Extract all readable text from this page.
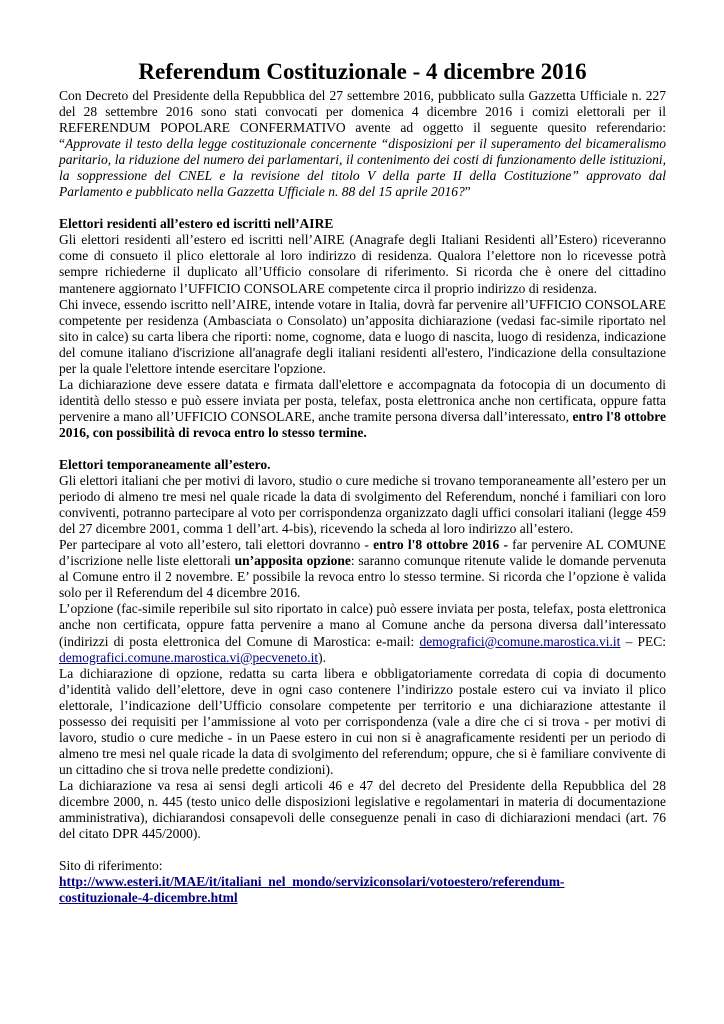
Referendum Costituzionale - 4 dicembre 2016

Con Decreto del Presidente della Repubblica del 27 settembre 2016, pubblicato sulla Gazzetta Ufficiale n. 227 del 28 settembre 2016 sono stati convocati per domenica 4 dicembre 2016 i comizi elettorali per il REFERENDUM POPOLARE CONFERMATIVO avente ad oggetto il seguente quesito referendario: “Approvate il testo della legge costituzionale concernente “disposizioni per il superamento del bicameralismo paritario, la riduzione del numero dei parlamentari, il contenimento dei costi di funzionamento delle istituzioni, la soppressione del CNEL e la revisione del titolo V della parte II della Costituzione” approvato dal Parlamento e pubblicato nella Gazzetta Ufficiale n. 88 del 15 aprile 2016?”

Elettori residenti all’estero ed iscritti nell’AIRE

Gli elettori residenti all’estero ed iscritti nell’AIRE (Anagrafe degli Italiani Residenti all’Estero) riceveranno come di consueto il plico elettorale al loro indirizzo di residenza. Qualora l’elettore non lo ricevesse potrà sempre richiederne il duplicato all’Ufficio consolare di riferimento. Si ricorda che è onere del cittadino mantenere aggiornato l’UFFICIO CONSOLARE competente circa il proprio indirizzo di residenza.

Chi invece, essendo iscritto nell’AIRE, intende votare in Italia, dovrà far pervenire all’UFFICIO CONSOLARE competente per residenza (Ambasciata o Consolato) un’apposita dichiarazione (vedasi fac-simile riportato nel sito in calce) su carta libera che riporti: nome, cognome, data e luogo di nascita, luogo di residenza, indicazione del comune italiano d'iscrizione all'anagrafe degli italiani residenti all'estero, l'indicazione della consultazione per la quale l'elettore intende esercitare l'opzione.

La dichiarazione deve essere datata e firmata dall'elettore e accompagnata da fotocopia di un documento di identità dello stesso e può essere inviata per posta, telefax, posta elettronica anche non certificata, oppure fatta pervenire a mano all’UFFICIO CONSOLARE, anche tramite persona diversa dall’interessato, entro l'8 ottobre 2016, con possibilità di revoca entro lo stesso termine.

Elettori temporaneamente all’estero.

Gli elettori italiani che per motivi di lavoro, studio o cure mediche si trovano temporaneamente all’estero per un periodo di almeno tre mesi nel quale ricade la data di svolgimento del Referendum, nonché i familiari con loro conviventi, potranno partecipare al voto per corrispondenza organizzato dagli uffici consolari italiani (legge 459 del 27 dicembre 2001, comma 1 dell’art. 4-bis), ricevendo la scheda al loro indirizzo all’estero.

Per partecipare al voto all’estero, tali elettori dovranno - entro l'8 ottobre 2016 - far pervenire AL COMUNE d’iscrizione nelle liste elettorali un’apposita opzione: saranno comunque ritenute valide le domande pervenuta al Comune entro il 2 novembre. E’ possibile la revoca entro lo stesso termine. Si ricorda che l’opzione è valida solo per il Referendum del 4 dicembre 2016.

L’opzione (fac-simile reperibile sul sito riportato in calce) può essere inviata per posta, telefax, posta elettronica anche non certificata, oppure fatta pervenire a mano al Comune anche da persona diversa dall’interessato (indirizzi di posta elettronica del Comune di Marostica: e-mail: demografici@comune.marostica.vi.it – PEC: demografici.comune.marostica.vi@pecveneto.it).

La dichiarazione di opzione, redatta su carta libera e obbligatoriamente corredata di copia di documento d’identità valido dell’elettore, deve in ogni caso contenere l’indirizzo postale estero cui va inviato il plico elettorale, l’indicazione dell’Ufficio consolare competente per territorio e una dichiarazione attestante il possesso dei requisiti per l’ammissione al voto per corrispondenza (vale a dire che ci si trova - per motivi di lavoro, studio o cure mediche - in un Paese estero in cui non si è anagraficamente residenti per un periodo di almeno tre mesi nel quale ricade la data di svolgimento del referendum; oppure, che si è familiare convivente di un cittadino che si trova nelle predette condizioni).

La dichiarazione va resa ai sensi degli articoli 46 e 47 del decreto del Presidente della Repubblica del 28 dicembre 2000, n. 445 (testo unico delle disposizioni legislative e regolamentari in materia di documentazione amministrativa), dichiarandosi consapevoli delle conseguenze penali in caso di dichiarazioni mendaci (art. 76 del citato DPR 445/2000).

Sito di riferimento:

http://www.esteri.it/MAE/it/italiani_nel_mondo/serviziconsolari/votoestero/referendum-
costituzionale-4-dicembre.html
